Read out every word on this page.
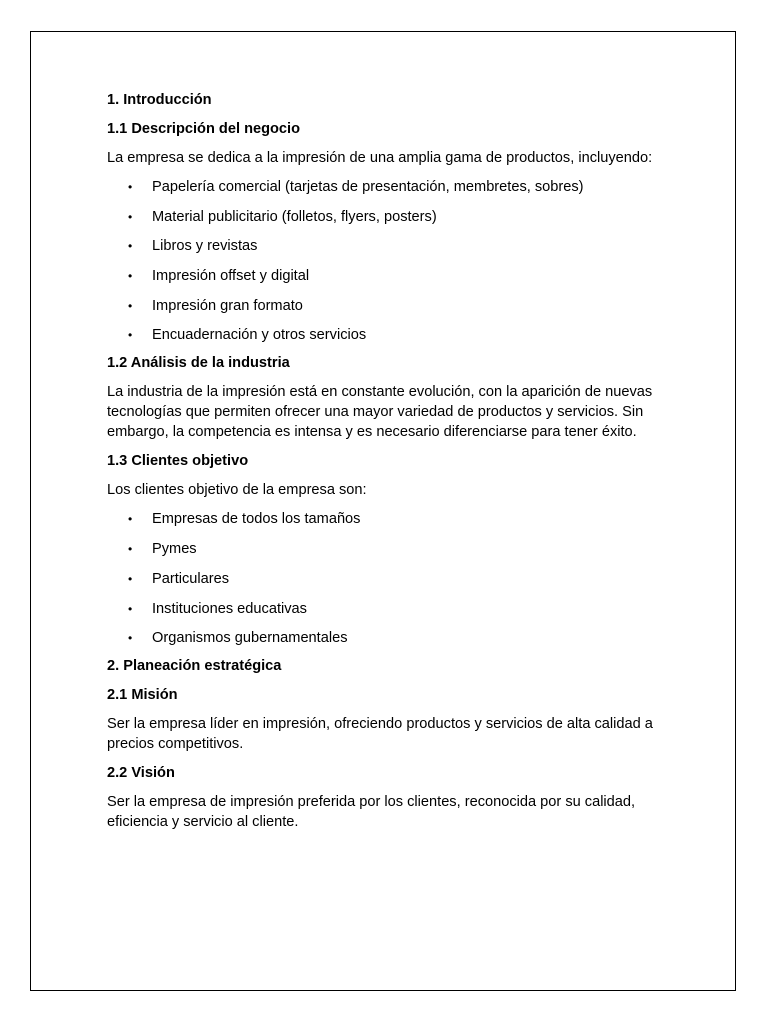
1. Introducción
1.1 Descripción del negocio
La empresa se dedica a la impresión de una amplia gama de productos, incluyendo:
• Papelería comercial (tarjetas de presentación, membretes, sobres)
• Material publicitario (folletos, flyers, posters)
• Libros y revistas
• Impresión offset y digital
• Impresión gran formato
• Encuadernación y otros servicios
1.2 Análisis de la industria
La industria de la impresión está en constante evolución, con la aparición de nuevas tecnologías que permiten ofrecer una mayor variedad de productos y servicios. Sin embargo, la competencia es intensa y es necesario diferenciarse para tener éxito.
1.3 Clientes objetivo
Los clientes objetivo de la empresa son:
• Empresas de todos los tamaños
• Pymes
• Particulares
• Instituciones educativas
• Organismos gubernamentales
2. Planeación estratégica
2.1 Misión
Ser la empresa líder en impresión, ofreciendo productos y servicios de alta calidad a precios competitivos.
2.2 Visión
Ser la empresa de impresión preferida por los clientes, reconocida por su calidad, eficiencia y servicio al cliente.
